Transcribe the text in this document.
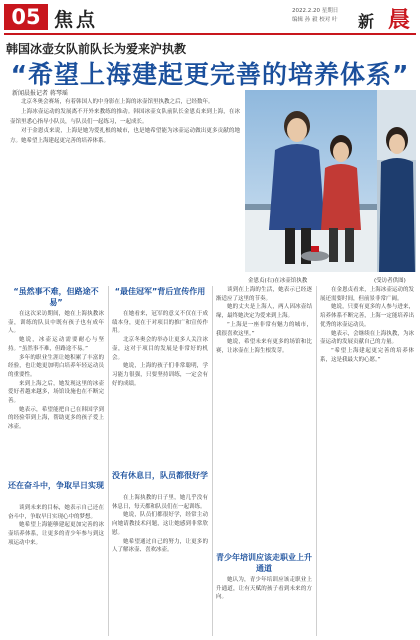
05 焦点	2022.2.20 星期日
编辑 孙 毅 校对 叶 新 晨
韩国冰壶女队前队长为爱来沪执教
“希望上海建起更完善的培养体系”
新闻晨报记者 蒋琴瑶

北京冬奥会赛场，有着韩国人的中身影在上海的冰壶馆里执教之后，已经数年。

上海冰壶运动的发展离不开外来教练的推动。韩国冰壶女队前队长金恩贞来到上海，在冰壶馆里悉心指导小队员，与队员们一起练习，一起成长。

对于金恩贞来说，上海是她为爱扎根的城市，也是她希望能为冰壶运动做出更多贡献的地方。她希望上海建起更完善的培养体系。

金恩贞(右)在冰壶馆执教	(受访者供图)
“虽然事不难，但路途不易”

在这次采访期间，她在上海执教冰壶，训练的队员中既有孩子也有成年人。

她说，冰壶运动需要耐心与坚持。“虽然事不难，但路途不易。”

多年的职业生涯让她积累了丰富的经验，也让她更加明白培养年轻运动员的重要性。

来到上海之后，她发现这里的冰壶爱好者越来越多，场馆设施也在不断完善。

她表示，希望能把自己在韩国学到的经验带到上海，帮助更多的孩子爱上冰壶。

还在奋斗中，争取早日实现

谈到未来的目标，她表示自己还在奋斗中，争取早日实现心中的梦想。

她希望上海能够建起更加完善的冰壶培养体系，让更多的青少年参与到这项运动中来。

“最佳冠军”背后宣传作用

在她看来，冠军的意义不仅在于成绩本身，更在于对项目的推广和宣传作用。

北京冬奥会的举办让更多人关注冰壶，这对于项目的发展是非常好的机会。

她说，上海的孩子们非常聪明，学习能力很强，只要坚持训练，一定会有好的成绩。

没有休息日，队员都很好学

在上海执教的日子里，她几乎没有休息日，每天都和队员们在一起训练。

她说，队员们都很好学，经常主动向她请教技术问题，这让她感到非常欣慰。

她希望通过自己的努力，让更多的人了解冰壶、喜欢冰壶。

谈到在上海的生活，她表示已经逐渐适应了这里的节奏。

她的丈夫是上海人，两人因冰壶结缘，最终她决定为爱来到上海。

“上海是一座非常有魅力的城市，我很喜欢这里。”

她说，希望未来有更多的场馆和比赛，让冰壶在上海生根发芽。

青少年培训应该走职业上升通道

她认为，青少年培训应该走职业上升通道，让有天赋的孩子看到未来的方向。

在金恩贞看来，上海冰壶运动的发展还需要时间，但前景非常广阔。

她说，只要有更多的人参与进来，培养体系不断完善，上海一定能培养出优秀的冰壶运动员。

她表示，会继续在上海执教，为冰壶运动的发展贡献自己的力量。

“希望上海建起更完善的培养体系，这是我最大的心愿。”
